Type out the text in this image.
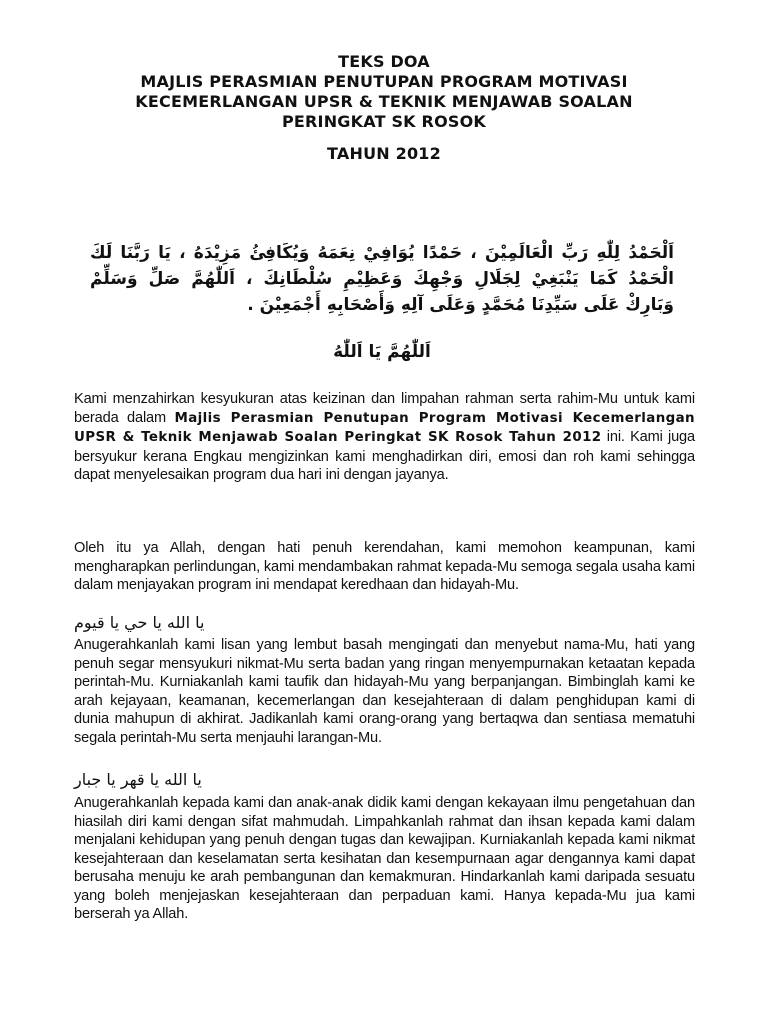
TEKS DOA
MAJLIS PERASMIAN PENUTUPAN PROGRAM MOTIVASI
KECEMERLANGAN UPSR & TEKNIK MENJAWAB SOALAN
PERINGKAT SK ROSOK
TAHUN 2012
اَلْحَمْدُ لِلّٰهِ رَبِّ الْعَالَمِيْنَ ، حَمْدًا يُوَافِيْ نِعَمَهُ وَيُكَافِئُ مَزِيْدَهُ ، يَا رَبَّنَا لَكَ الْحَمْدُ كَمَا يَنْبَغِيْ لِجَلَالِ وَجْهِكَ وَعَظِيْمِ سُلْطَانِكَ ، اَللّٰهُمَّ صَلِّ وَسَلِّمْ وَبَارِكْ عَلَى سَيِّدِنَا مُحَمَّدٍ وَعَلَى آلِهِ وَأَصْحَابِهِ أَجْمَعِيْنَ .
اَللّٰهُمَّ يَا اَللّٰهُ

Kami menzahirkan kesyukuran atas keizinan dan limpahan rahman serta rahim-Mu untuk kami berada dalam Majlis Perasmian Penutupan Program Motivasi Kecemerlangan UPSR & Teknik Menjawab Soalan Peringkat SK Rosok Tahun 2012 ini. Kami juga bersyukur kerana Engkau mengizinkan kami menghadirkan diri, emosi dan roh kami sehingga dapat menyelesaikan program dua hari ini dengan jayanya.

Oleh itu ya Allah, dengan hati penuh kerendahan, kami memohon keampunan, kami mengharapkan perlindungan, kami mendambakan rahmat kepada-Mu semoga segala usaha kami dalam menjayakan program ini mendapat keredhaan dan hidayah-Mu.

يا الله يا حي يا قيوم

Anugerahkanlah kami lisan yang lembut basah mengingati dan menyebut nama-Mu, hati yang penuh segar mensyukuri nikmat-Mu serta badan yang ringan menyempurnakan ketaatan kepada perintah-Mu. Kurniakanlah kami taufik dan hidayah-Mu yang berpanjangan. Bimbinglah kami ke arah kejayaan, keamanan, kecemerlangan dan kesejahteraan di dalam penghidupan kami di dunia mahupun di akhirat. Jadikanlah kami orang-orang yang bertaqwa dan sentiasa mematuhi segala perintah-Mu serta menjauhi larangan-Mu.

يا الله يا قهر يا جبار

Anugerahkanlah kepada kami dan anak-anak didik kami dengan kekayaan ilmu pengetahuan dan hiasilah diri kami dengan sifat mahmudah. Limpahkanlah rahmat dan ihsan kepada kami dalam menjalani kehidupan yang penuh dengan tugas dan kewajipan. Kurniakanlah kepada kami nikmat kesejahteraan dan keselamatan serta kesihatan dan kesempurnaan agar dengannya kami dapat berusaha menuju ke arah pembangunan dan kemakmuran. Hindarkanlah kami daripada sesuatu yang boleh menjejaskan kesejahteraan dan perpaduan kami. Hanya kepada-Mu jua kami berserah ya Allah.
